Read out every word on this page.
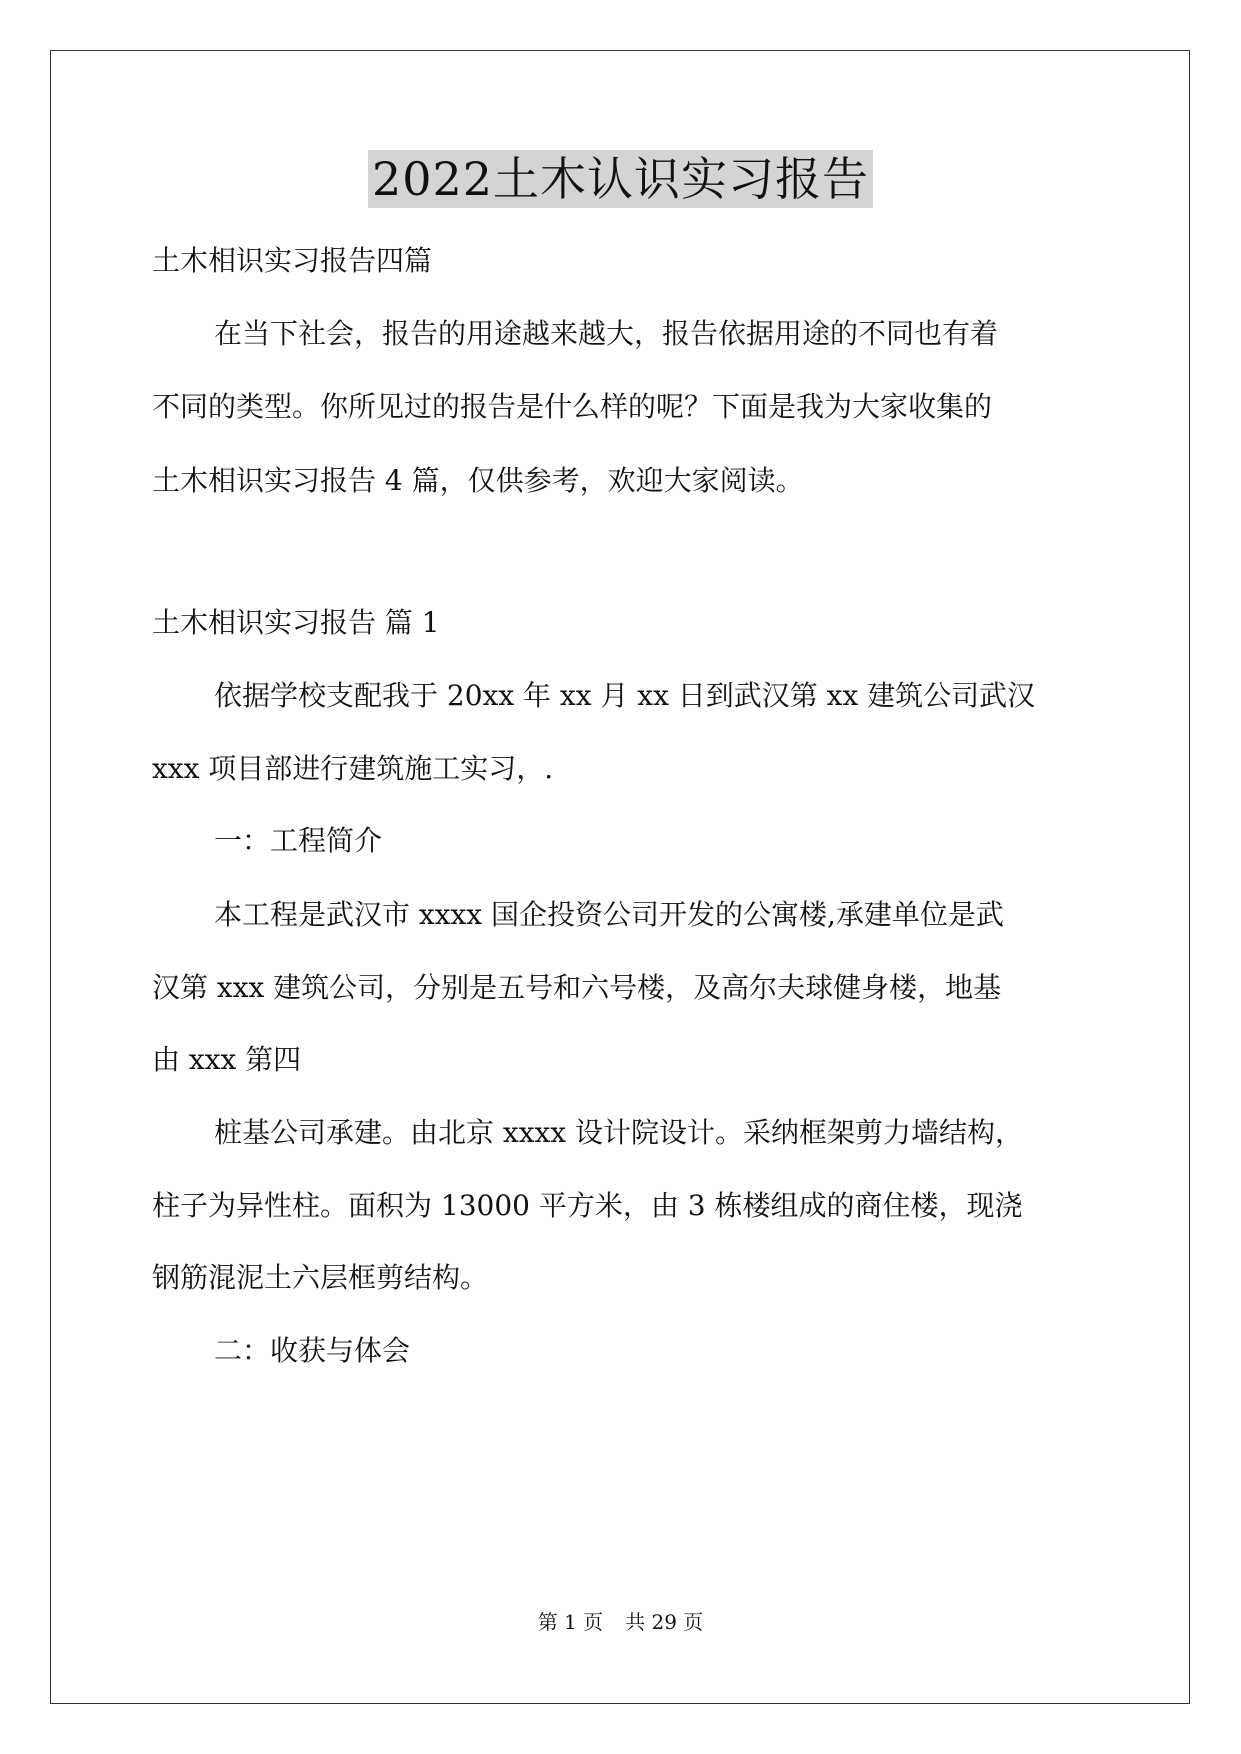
2022土木认识实习报告
土木相识实习报告四篇
在当下社会，报告的用途越来越大，报告依据用途的不同也有着
不同的类型。你所见过的报告是什么样的呢？下面是我为大家收集的
土木相识实习报告 4 篇，仅供参考，欢迎大家阅读。
土木相识实习报告 篇 1
依据学校支配我于 20xx 年 xx 月 xx 日到武汉第 xx 建筑公司武汉
xxx 项目部进行建筑施工实习，.
一：工程简介
本工程是武汉市 xxxx 国企投资公司开发的公寓楼,承建单位是武
汉第 xxx 建筑公司，分别是五号和六号楼，及高尔夫球健身楼，地基
由 xxx 第四
桩基公司承建。由北京 xxxx 设计院设计。采纳框架剪力墙结构，
柱子为异性柱。面积为 13000 平方米，由 3 栋楼组成的商住楼，现浇
钢筋混泥土六层框剪结构。
二：收获与体会
第 1 页 共 29 页
